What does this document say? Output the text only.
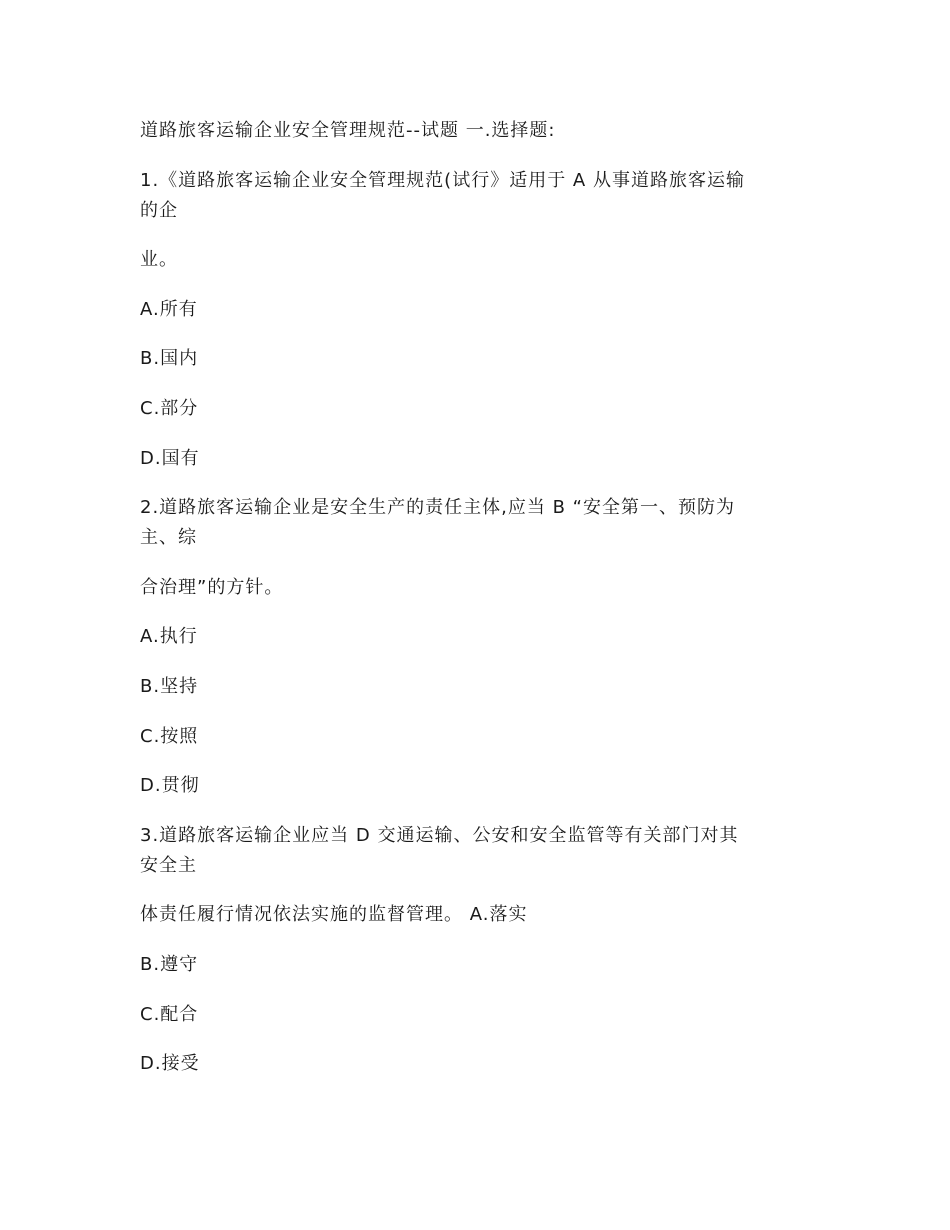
道路旅客运输企业安全管理规范--试题 一.选择题:
1.《道路旅客运输企业安全管理规范(试行》适用于 A 从事道路旅客运输
的企
业。
A.所有
B.国内
C.部分
D.国有
2.道路旅客运输企业是安全生产的责任主体,应当 B “安全第一、预防为
主、综
合治理”的方针。
A.执行
B.坚持
C.按照
D.贯彻
3.道路旅客运输企业应当 D 交通运输、公安和安全监管等有关部门对其
安全主
体责任履行情况依法实施的监督管理。 A.落实
B.遵守
C.配合
D.接受
